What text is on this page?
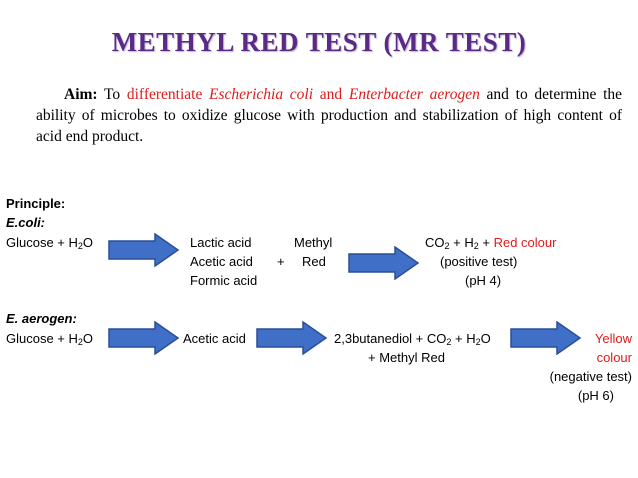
METHYL RED TEST (MR TEST)
Aim: To differentiate Escherichia coli and Enterbacter aerogen and to determine the ability of microbes to oxidize glucose with production and stabilization of high content of acid end product.
Principle:
E.coli:
$Glucose + H_2O$	Lactic acid
Acetic acid
Formic acid
+
Methyl
Red
$CO_2 + H_2$ + Red colour
(positive test)
(pH 4)
E. aerogen:
$Glucose + H_2O$	Acetic acid	2,3butanediol + $CO_2 + H_2O$
+ Methyl Red
Yellow
colour
(negative test)
(pH 6)
